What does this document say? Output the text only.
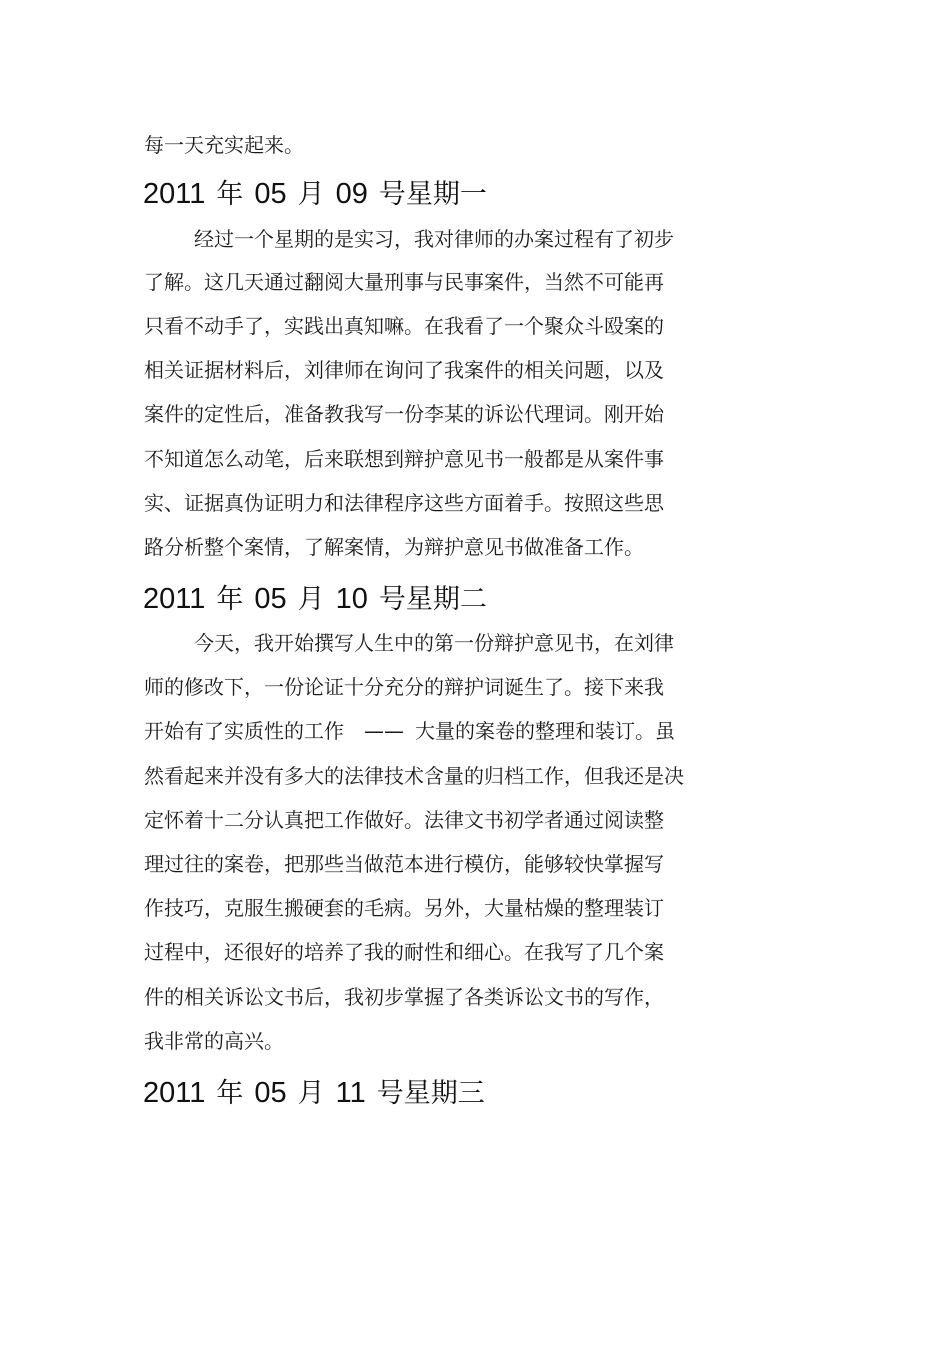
每一天充实起来。
2011 年 05 月 09 号星期一
经过一个星期的是实习，我对律师的办案过程有了初步
了解。这几天通过翻阅大量刑事与民事案件，当然不可能再
只看不动手了，实践出真知嘛。在我看了一个聚众斗殴案的
相关证据材料后，刘律师在询问了我案件的相关问题，以及
案件的定性后，准备教我写一份李某的诉讼代理词。刚开始
不知道怎么动笔，后来联想到辩护意见书一般都是从案件事
实、证据真伪证明力和法律程序这些方面着手。按照这些思
路分析整个案情，了解案情，为辩护意见书做准备工作。
2011 年 05 月 10 号星期二
今天，我开始撰写人生中的第一份辩护意见书，在刘律
师的修改下，一份论证十分充分的辩护词诞生了。接下来我
开始有了实质性的工作 —— 大量的案卷的整理和装订。虽
然看起来并没有多大的法律技术含量的归档工作，但我还是决
定怀着十二分认真把工作做好。法律文书初学者通过阅读整
理过往的案卷，把那些当做范本进行模仿，能够较快掌握写
作技巧，克服生搬硬套的毛病。另外，大量枯燥的整理装订
过程中，还很好的培养了我的耐性和细心。在我写了几个案
件的相关诉讼文书后，我初步掌握了各类诉讼文书的写作，
我非常的高兴。
2011 年 05 月 11 号星期三
